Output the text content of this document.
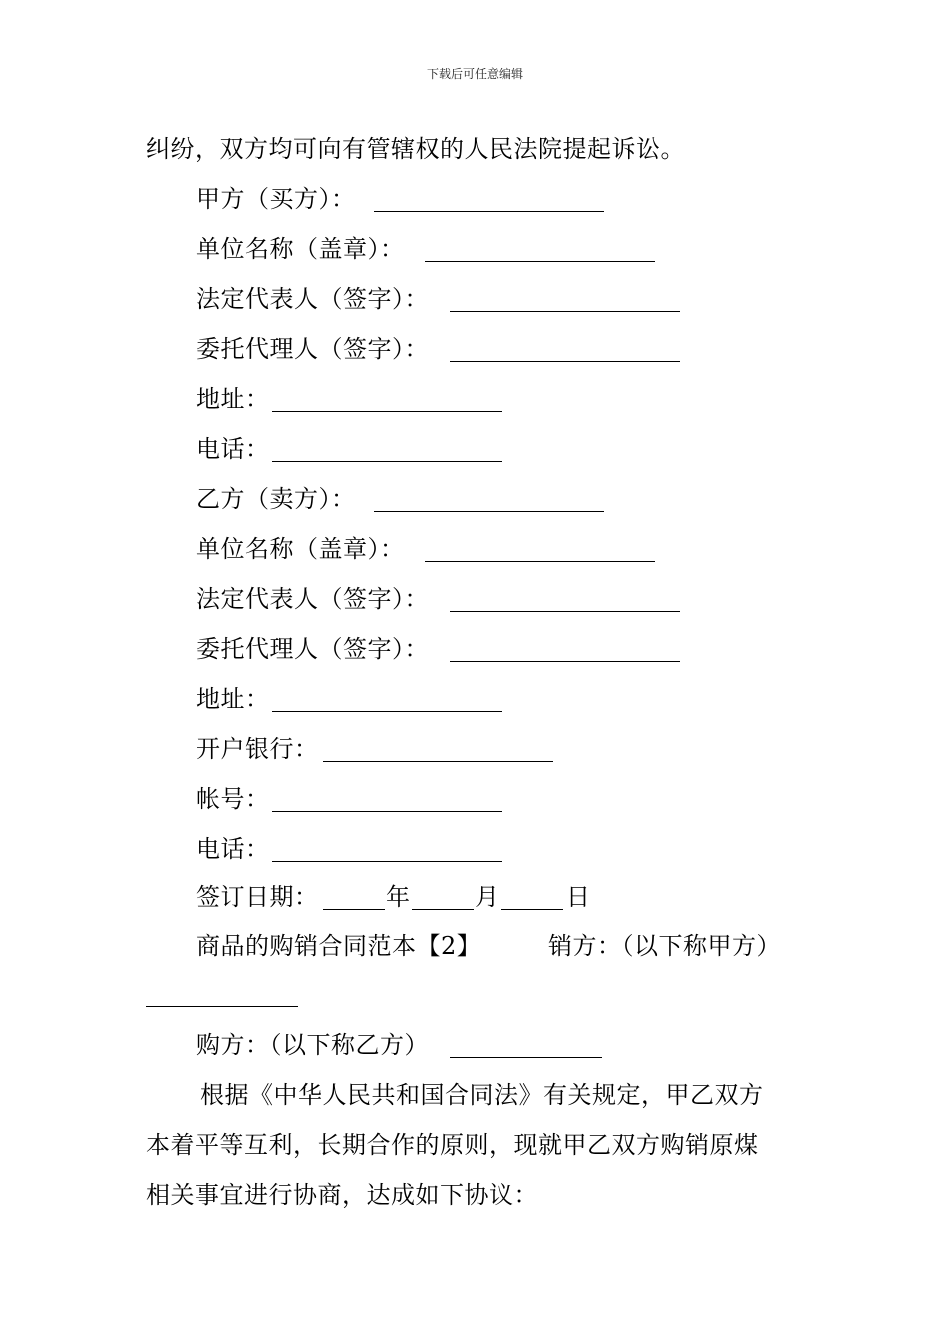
下载后可任意编辑
纠纷，双方均可向有管辖权的人民法院提起诉讼。
甲方（买方）：
单位名称（盖章）：
法定代表人（签字）：
委托代理人（签字）：
地址：
电话：
乙方（卖方）：
单位名称（盖章）：
法定代表人（签字）：
委托代理人（签字）：
地址：
开户银行：
帐号：
电话：
签订日期：	年	月	日
商品的购销合同范本【2】	销方：（以下称甲方）
购方：（以下称乙方）
根据《中华人民共和国合同法》有关规定，甲乙双方
本着平等互利，长期合作的原则，现就甲乙双方购销原煤
相关事宜进行协商，达成如下协议：
